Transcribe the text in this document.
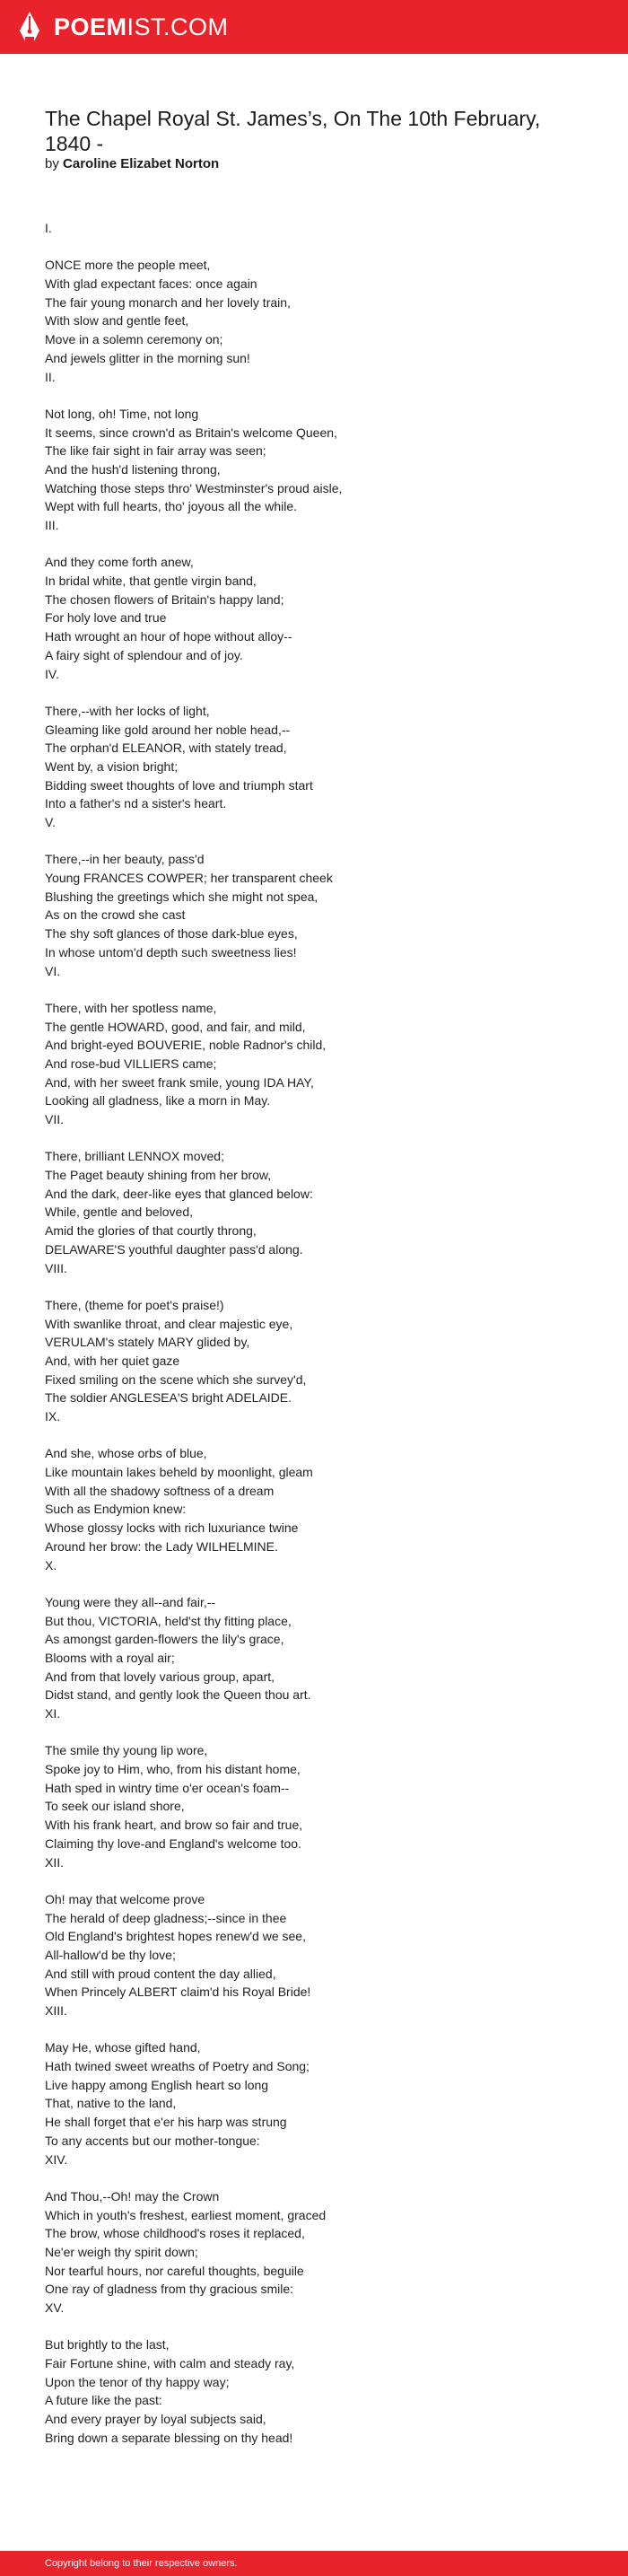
POEMIST.COM
The Chapel Royal St. James’s, On The 10th February, 1840 -
by Caroline Elizabet Norton
I.
ONCE more the people meet,
With glad expectant faces: once again
The fair young monarch and her lovely train,
With slow and gentle feet,
Move in a solemn ceremony on;
And jewels glitter in the morning sun!
II.
Not long, oh! Time, not long
It seems, since crown'd as Britain's welcome Queen,
The like fair sight in fair array was seen;
And the hush'd listening throng,
Watching those steps thro' Westminster's proud aisle,
Wept with full hearts, tho' joyous all the while.
III.
And they come forth anew,
In bridal white, that gentle virgin band,
The chosen flowers of Britain's happy land;
For holy love and true
Hath wrought an hour of hope without alloy--
A fairy sight of splendour and of joy.
IV.
There,--with her locks of light,
Gleaming like gold around her noble head,--
The orphan'd ELEANOR, with stately tread,
Went by, a vision bright;
Bidding sweet thoughts of love and triumph start
Into a father's nd a sister's heart.
V.
There,--in her beauty, pass'd
Young FRANCES COWPER; her transparent cheek
Blushing the greetings which she might not spea,
As on the crowd she cast
The shy soft glances of those dark-blue eyes,
In whose untom'd depth such sweetness lies!
VI.
There, with her spotless name,
The gentle HOWARD, good, and fair, and mild,
And bright-eyed BOUVERIE, noble Radnor's child,
And rose-bud VILLIERS came;
And, with her sweet frank smile, young IDA HAY,
Looking all gladness, like a morn in May.
VII.
There, brilliant LENNOX moved;
The Paget beauty shining from her brow,
And the dark, deer-like eyes that glanced below:
While, gentle and beloved,
Amid the glories of that courtly throng,
DELAWARE'S youthful daughter pass'd along.
VIII.
There, (theme for poet's praise!)
With swanlike throat, and clear majestic eye,
VERULAM's stately MARY glided by,
And, with her quiet gaze
Fixed smiling on the scene which she survey'd,
The soldier ANGLESEA'S bright ADELAIDE.
IX.
And she, whose orbs of blue,
Like mountain lakes beheld by moonlight, gleam
With all the shadowy softness of a dream
Such as Endymion knew:
Whose glossy locks with rich luxuriance twine
Around her brow: the Lady WILHELMINE.
X.
Young were they all--and fair,--
But thou, VICTORIA, held'st thy fitting place,
As amongst garden-flowers the lily's grace,
Blooms with a royal air;
And from that lovely various group, apart,
Didst stand, and gently look the Queen thou art.
XI.
The smile thy young lip wore,
Spoke joy to Him, who, from his distant home,
Hath sped in wintry time o'er ocean's foam--
To seek our island shore,
With his frank heart, and brow so fair and true,
Claiming thy love-and England's welcome too.
XII.
Oh! may that welcome prove
The herald of deep gladness;--since in thee
Old England's brightest hopes renew'd we see,
All-hallow'd be thy love;
And still with proud content the day allied,
When Princely ALBERT claim'd his Royal Bride!
XIII.
May He, whose gifted hand,
Hath twined sweet wreaths of Poetry and Song;
Live happy among English heart so long
That, native to the land,
He shall forget that e'er his harp was strung
To any accents but our mother-tongue:
XIV.
And Thou,--Oh! may the Crown
Which in youth's freshest, earliest moment, graced
The brow, whose childhood's roses it replaced,
Ne'er weigh thy spirit down;
Nor tearful hours, nor careful thoughts, beguile
One ray of gladness from thy gracious smile:
XV.
But brightly to the last,
Fair Fortune shine, with calm and steady ray,
Upon the tenor of thy happy way;
A future like the past:
And every prayer by loyal subjects said,
Bring down a separate blessing on thy head!
Copyright belong to their respective owners.
